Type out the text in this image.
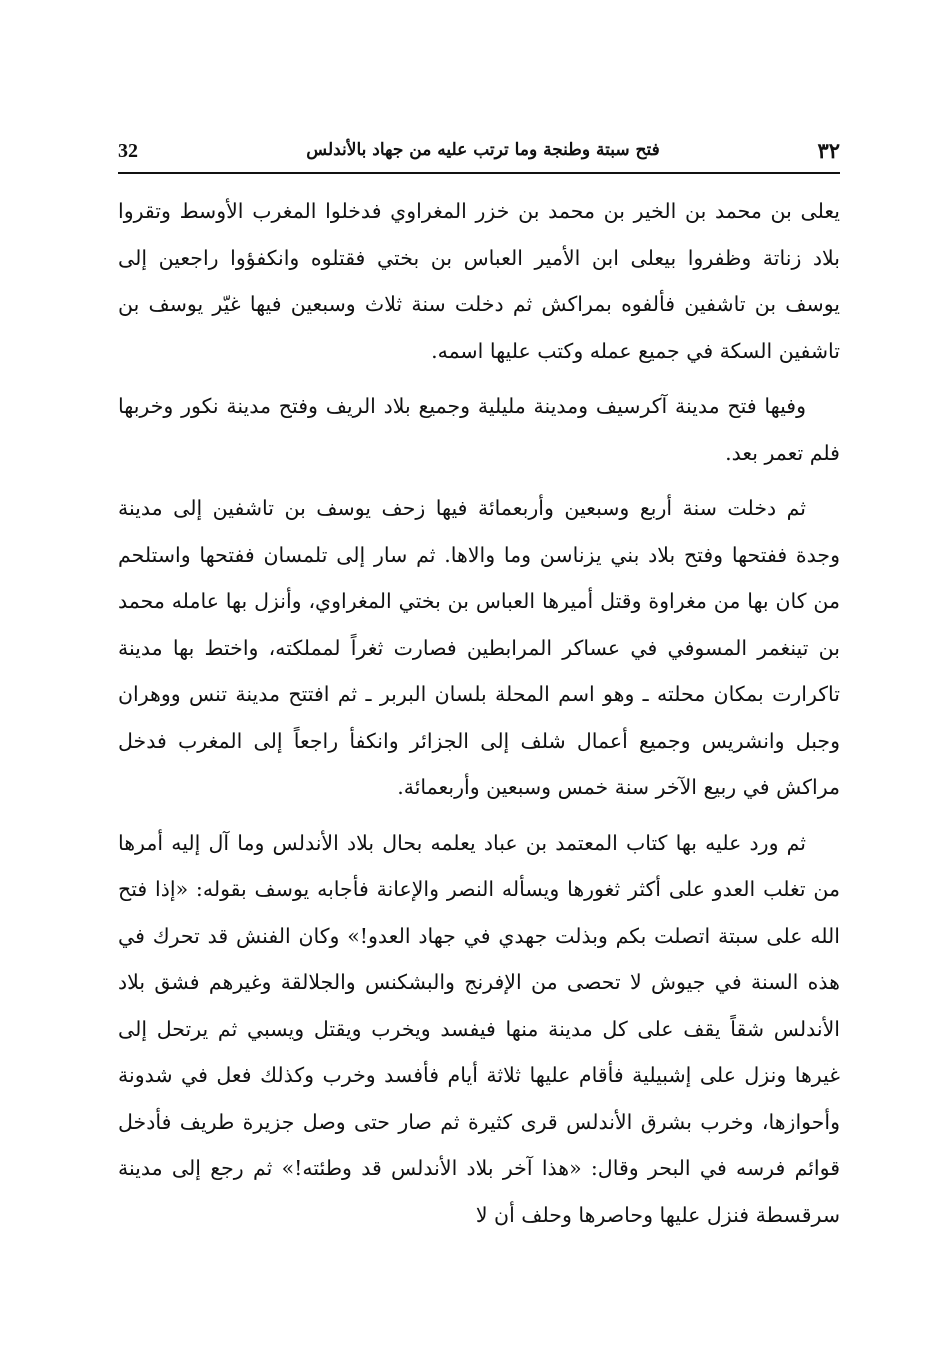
32	فتح سبتة وطنجة وما ترتب عليه من جهاد بالأندلس	٣٢

يعلى بن محمد بن الخير بن محمد بن خزر المغراوي فدخلوا المغرب الأوسط وتقروا بلاد زناتة وظفروا بيعلى ابن الأمير العباس بن بختي فقتلوه وانكفؤوا راجعين إلى يوسف بن تاشفين فألفوه بمراكش ثم دخلت سنة ثلاث وسبعين فيها غيّر يوسف بن تاشفين السكة في جميع عمله وكتب عليها اسمه.

وفيها فتح مدينة آكرسيف ومدينة مليلية وجميع بلاد الريف وفتح مدينة نكور وخربها فلم تعمر بعد.

ثم دخلت سنة أربع وسبعين وأربعمائة فيها زحف يوسف بن تاشفين إلى مدينة وجدة ففتحها وفتح بلاد بني يزناسن وما والاها. ثم سار إلى تلمسان ففتحها واستلحم من كان بها من مغراوة وقتل أميرها العباس بن بختي المغراوي، وأنزل بها عامله محمد بن تينغمر المسوفي في عساكر المرابطين فصارت ثغراً لمملكته، واختط بها مدينة تاكرارت بمكان محلته ـ وهو اسم المحلة بلسان البربر ـ ثم افتتح مدينة تنس ووهران وجبل وانشريس وجميع أعمال شلف إلى الجزائر وانكفأ راجعاً إلى المغرب فدخل مراكش في ربيع الآخر سنة خمس وسبعين وأربعمائة.

ثم ورد عليه بها كتاب المعتمد بن عباد يعلمه بحال بلاد الأندلس وما آل إليه أمرها من تغلب العدو على أكثر ثغورها ويسأله النصر والإعانة فأجابه يوسف بقوله: «إذا فتح الله على سبتة اتصلت بكم وبذلت جهدي في جهاد العدو!» وكان الفنش قد تحرك في هذه السنة في جيوش لا تحصى من الإفرنج والبشكنس والجلالقة وغيرهم فشق بلاد الأندلس شقاً يقف على كل مدينة منها فيفسد ويخرب ويقتل ويسبي ثم يرتحل إلى غيرها ونزل على إشبيلية فأقام عليها ثلاثة أيام فأفسد وخرب وكذلك فعل في شدونة وأحوازها، وخرب بشرق الأندلس قرى كثيرة ثم صار حتى وصل جزيرة طريف فأدخل قوائم فرسه في البحر وقال: «هذا آخر بلاد الأندلس قد وطئته!» ثم رجع إلى مدينة سرقسطة فنزل عليها وحاصرها وحلف أن لا
